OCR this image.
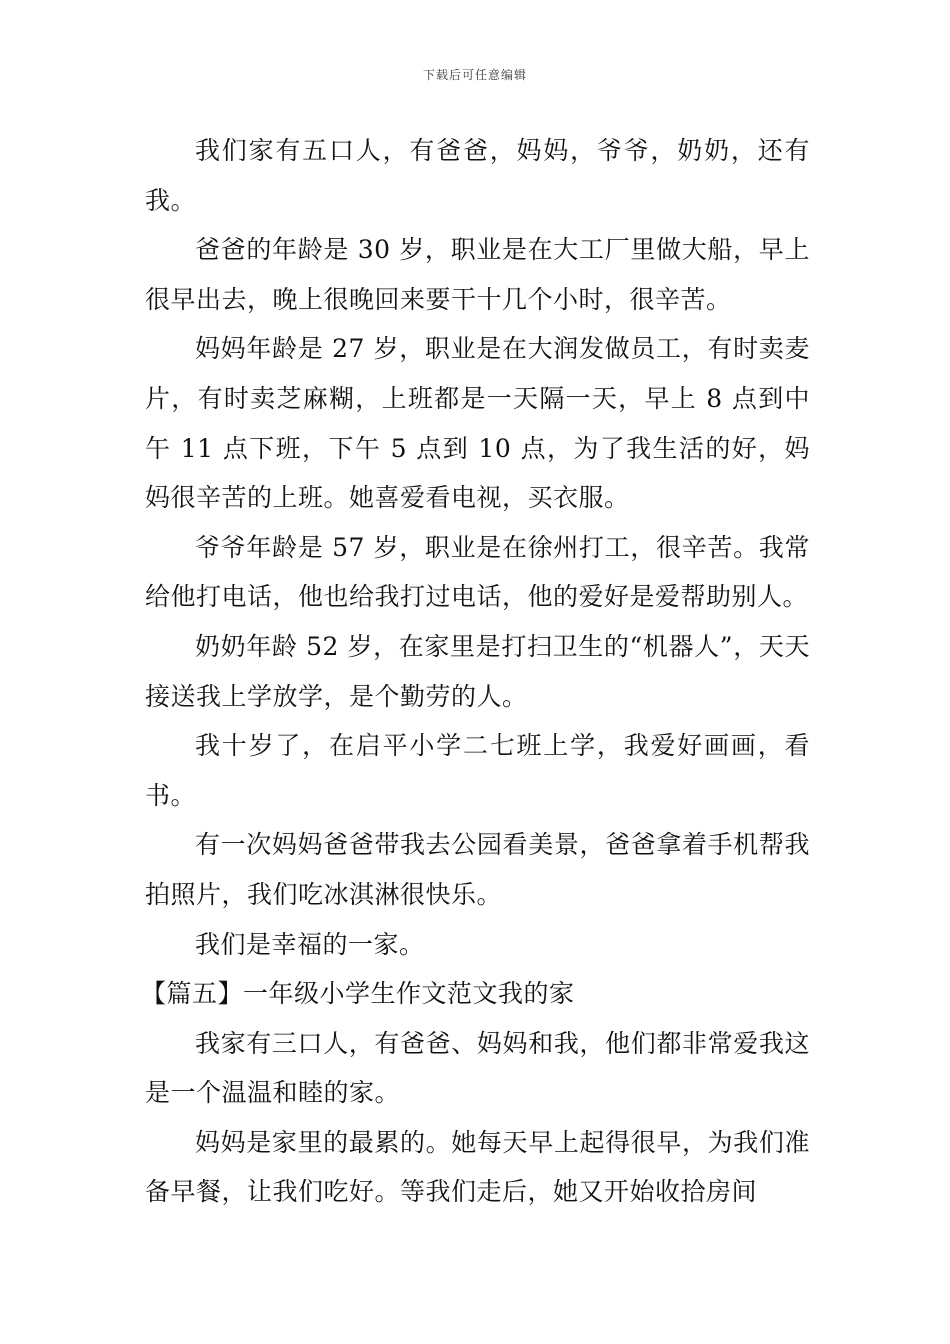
下载后可任意编辑

我们家有五口人，有爸爸，妈妈，爷爷，奶奶，还有我。

爸爸的年龄是 30 岁，职业是在大工厂里做大船，早上很早出去，晚上很晚回来要干十几个小时，很辛苦。

妈妈年龄是 27 岁，职业是在大润发做员工，有时卖麦片，有时卖芝麻糊，上班都是一天隔一天，早上 8 点到中午 11 点下班，下午 5 点到 10 点，为了我生活的好，妈妈很辛苦的上班。她喜爱看电视，买衣服。

爷爷年龄是 57 岁，职业是在徐州打工，很辛苦。我常给他打电话，他也给我打过电话，他的爱好是爱帮助别人。

奶奶年龄 52 岁，在家里是打扫卫生的“机器人”，天天接送我上学放学，是个勤劳的人。

我十岁了，在启平小学二七班上学，我爱好画画，看书。

有一次妈妈爸爸带我去公园看美景，爸爸拿着手机帮我拍照片，我们吃冰淇淋很快乐。

我们是幸福的一家。

【篇五】一年级小学生作文范文我的家

我家有三口人，有爸爸、妈妈和我，他们都非常爱我这是一个温温和睦的家。

妈妈是家里的最累的。她每天早上起得很早，为我们准备早餐，让我们吃好。等我们走后，她又开始收拾房间
